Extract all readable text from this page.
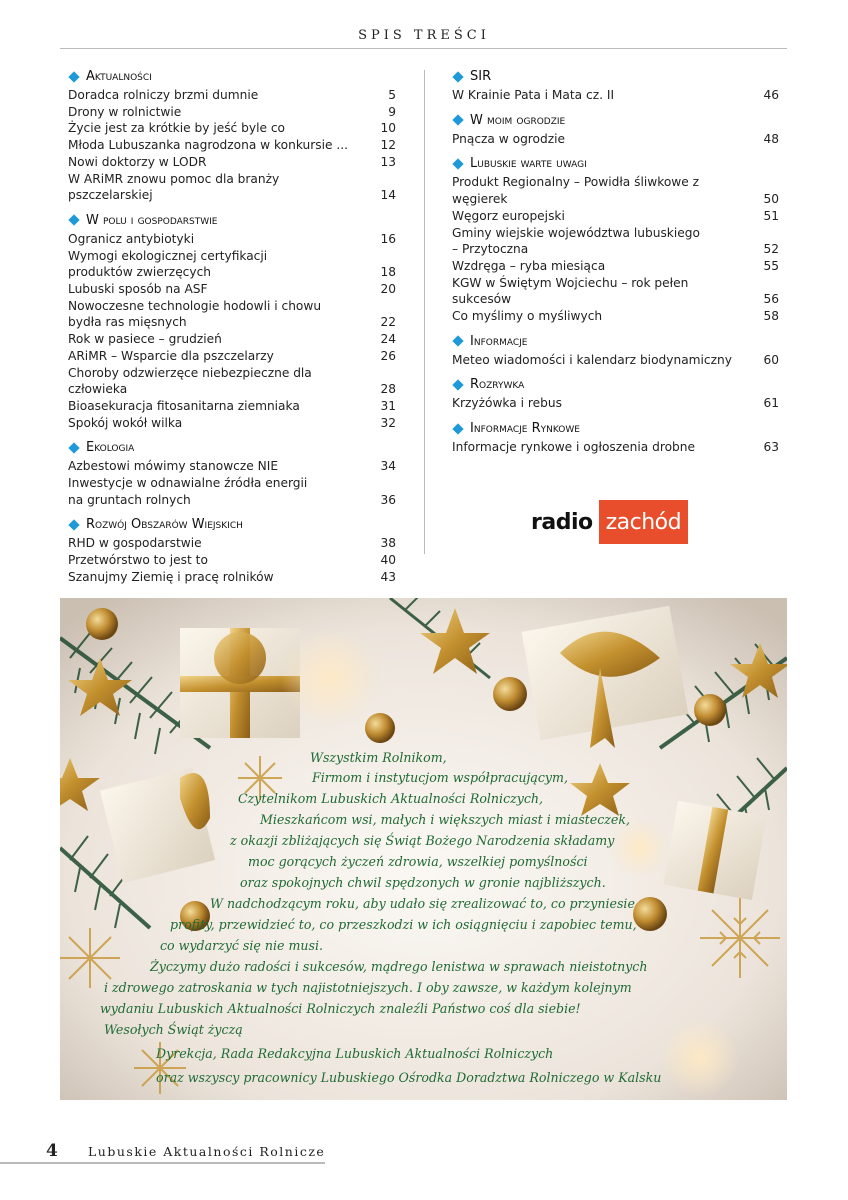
SPIS TREŚCI
Aktualności
Doradca rolniczy brzmi dumnie	5
Drony w rolnictwie	9
Życie jest za krótkie by jeść byle co	10
Młoda Lubuszanka nagrodzona w konkursie ...	12
Nowi doktorzy w LODR	13
W ARiMR znowu pomoc dla branży pszczelarskiej	14
W polu i gospodarstwie
Ogranicz antybiotyki	16
Wymogi ekologicznej certyfikacji
produktów zwierzęcych	18
Lubuski sposób na ASF	20
Nowoczesne technologie hodowli i chowu
bydła ras mięsnych	22
Rok w pasiece – grudzień	24
ARiMR – Wsparcie dla pszczelarzy	26
Choroby odzwierzęce niebezpieczne dla człowieka	28
Bioasekuracja fitosanitarna ziemniaka	31
Spokój wokół wilka	32
Ekologia
Azbestowi mówimy stanowcze NIE	34
Inwestycje w odnawialne źródła energii
na gruntach rolnych	36
Rozwój Obszarów Wiejskich
RHD w gospodarstwie	38
Przetwórstwo to jest to	40
Szanujmy Ziemię i pracę rolników	43
SIR
W Krainie Pata i Mata cz. II	46
W moim ogrodzie
Pnącza w ogrodzie	48
Lubuskie warte uwagi
Produkt Regionalny – Powidła śliwkowe z węgierek	50
Węgorz europejski	51
Gminy wiejskie województwa lubuskiego
– Przytoczna	52
Wzdręga – ryba miesiąca	55
KGW w Świętym Wojciechu – rok pełen sukcesów	56
Co myślimy o myśliwych	58
Informacje
Meteo wiadomości i kalendarz biodynamiczny	60
Rozrywka
Krzyżówka i rebus	61
Informacje Rynkowe
Informacje rynkowe i ogłoszenia drobne	63
radio zachód
Wszystkim Rolnikom,
Firmom i instytucjom współpracującym,
Czytelnikom Lubuskich Aktualności Rolniczych,
Mieszkańcom wsi, małych i większych miast i miasteczek,
z okazji zbliżających się Świąt Bożego Narodzenia składamy
moc gorących życzeń zdrowia, wszelkiej pomyślności
oraz spokojnych chwil spędzonych w gronie najbliższych.
W nadchodzącym roku, aby udało się zrealizować to, co przyniesie
profity, przewidzieć to, co przeszkodzi w ich osiągnięciu i zapobiec temu,
co wydarzyć się nie musi.
Życzymy dużo radości i sukcesów, mądrego lenistwa w sprawach nieistotnych
i zdrowego zatroskania w tych najistotniejszych. I oby zawsze, w każdym kolejnym
wydaniu Lubuskich Aktualności Rolniczych znaleźli Państwo coś dla siebie!
Wesołych Świąt życzą
Dyrekcja, Rada Redakcyjna Lubuskich Aktualności Rolniczych
oraz wszyscy pracownicy Lubuskiego Ośrodka Doradztwa Rolniczego w Kalsku
4 Lubuskie Aktualności Rolnicze
